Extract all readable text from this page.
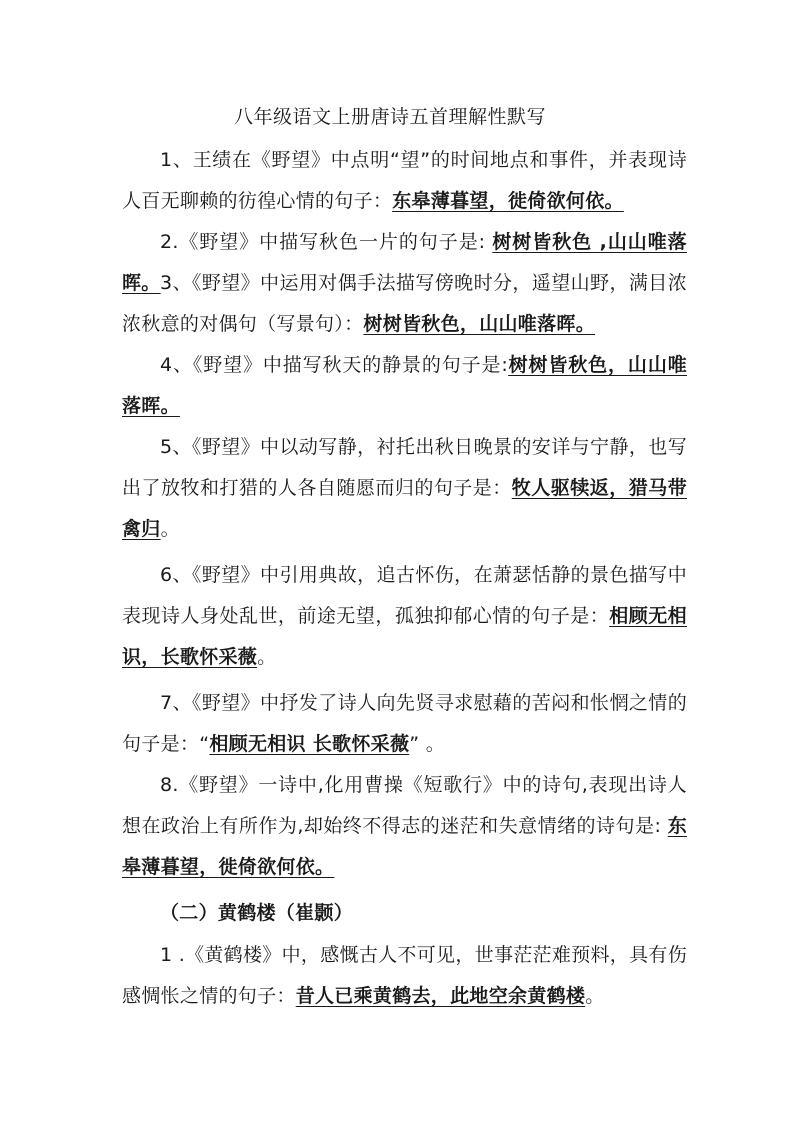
八年级语文上册唐诗五首理解性默写
1、王绩在《野望》中点明“望”的时间地点和事件，并表现诗人百无聊赖的彷徨心情的句子：东皋薄暮望，徙倚欲何依。
2.《野望》中描写秋色一片的句子是: 树树皆秋色 ,山山唯落晖。 3、《野望》中运用对偶手法描写傍晚时分，遥望山野，满目浓浓秋意的对偶句（写景句）：树树皆秋色，山山唯落晖。
4、《野望》中描写秋天的静景的句子是:树树皆秋色，山山唯落晖。
5、《野望》中以动写静，衬托出秋日晚景的安详与宁静，也写出了放牧和打猎的人各自随愿而归的句子是：牧人驱犊返，猎马带禽归。
6、《野望》中引用典故，追古怀伤，在萧瑟恬静的景色描写中表现诗人身处乱世，前途无望，孤独抑郁心情的句子是：相顾无相识，长歌怀采薇。
7、《野望》中抒发了诗人向先贤寻求慰藉的苦闷和怅惘之情的句子是：“相顾无相识 长歌怀采薇” 。
8.《野望》一诗中,化用曹操《短歌行》中的诗句,表现出诗人想在政治上有所作为,却始终不得志的迷茫和失意情绪的诗句是: 东皋薄暮望，徙倚欲何依。
（二）黄鹤楼（崔颢）
1 .《黄鹤楼》中，感慨古人不可见，世事茫茫难预料，具有伤感惆怅之情的句子：昔人已乘黄鹤去，此地空余黄鹤楼。
